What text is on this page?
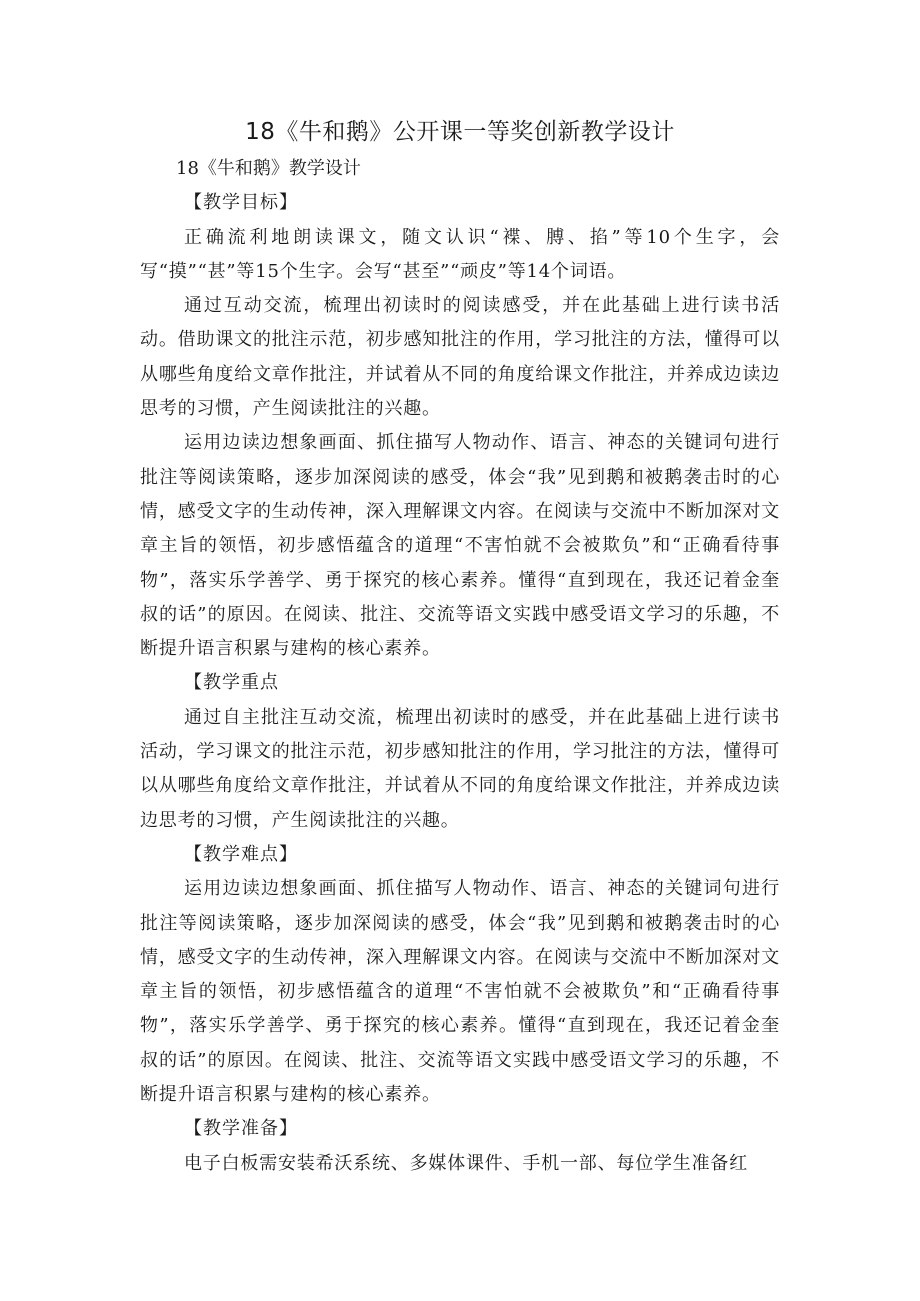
18《牛和鹅》公开课一等奖创新教学设计

18《牛和鹅》教学设计

【教学目标】

正确流利地朗读课文，随文认识“褋、膊、掐”等10个生字，会写“摸”“甚”等15个生字。会写“甚至”“顽皮”等14个词语。

通过互动交流，梳理出初读时的阅读感受，并在此基础上进行读书活动。借助课文的批注示范，初步感知批注的作用，学习批注的方法，懂得可以从哪些角度给文章作批注，并试着从不同的角度给课文作批注，并养成边读边思考的习惯，产生阅读批注的兴趣。

运用边读边想象画面、抓住描写人物动作、语言、神态的关键词句进行批注等阅读策略，逐步加深阅读的感受，体会“我”见到鹅和被鹅袭击时的心情，感受文字的生动传神，深入理解课文内容。在阅读与交流中不断加深对文章主旨的领悟，初步感悟蕴含的道理“不害怕就不会被欺负”和“正确看待事物”，落实乐学善学、勇于探究的核心素养。懂得“直到现在，我还记着金奎叔的话”的原因。在阅读、批注、交流等语文实践中感受语文学习的乐趣，不断提升语言积累与建构的核心素养。

【教学重点

通过自主批注互动交流，梳理出初读时的感受，并在此基础上进行读书活动，学习课文的批注示范，初步感知批注的作用，学习批注的方法，懂得可以从哪些角度给文章作批注，并试着从不同的角度给课文作批注，并养成边读边思考的习惯，产生阅读批注的兴趣。

【教学难点】

运用边读边想象画面、抓住描写人物动作、语言、神态的关键词句进行批注等阅读策略，逐步加深阅读的感受，体会“我”见到鹅和被鹅袭击时的心情，感受文字的生动传神，深入理解课文内容。在阅读与交流中不断加深对文章主旨的领悟，初步感悟蕴含的道理“不害怕就不会被欺负”和“正确看待事物”，落实乐学善学、勇于探究的核心素养。懂得“直到现在，我还记着金奎叔的话”的原因。在阅读、批注、交流等语文实践中感受语文学习的乐趣，不断提升语言积累与建构的核心素养。

【教学准备】

电子白板需安装希沃系统、多媒体课件、手机一部、每位学生准备红
